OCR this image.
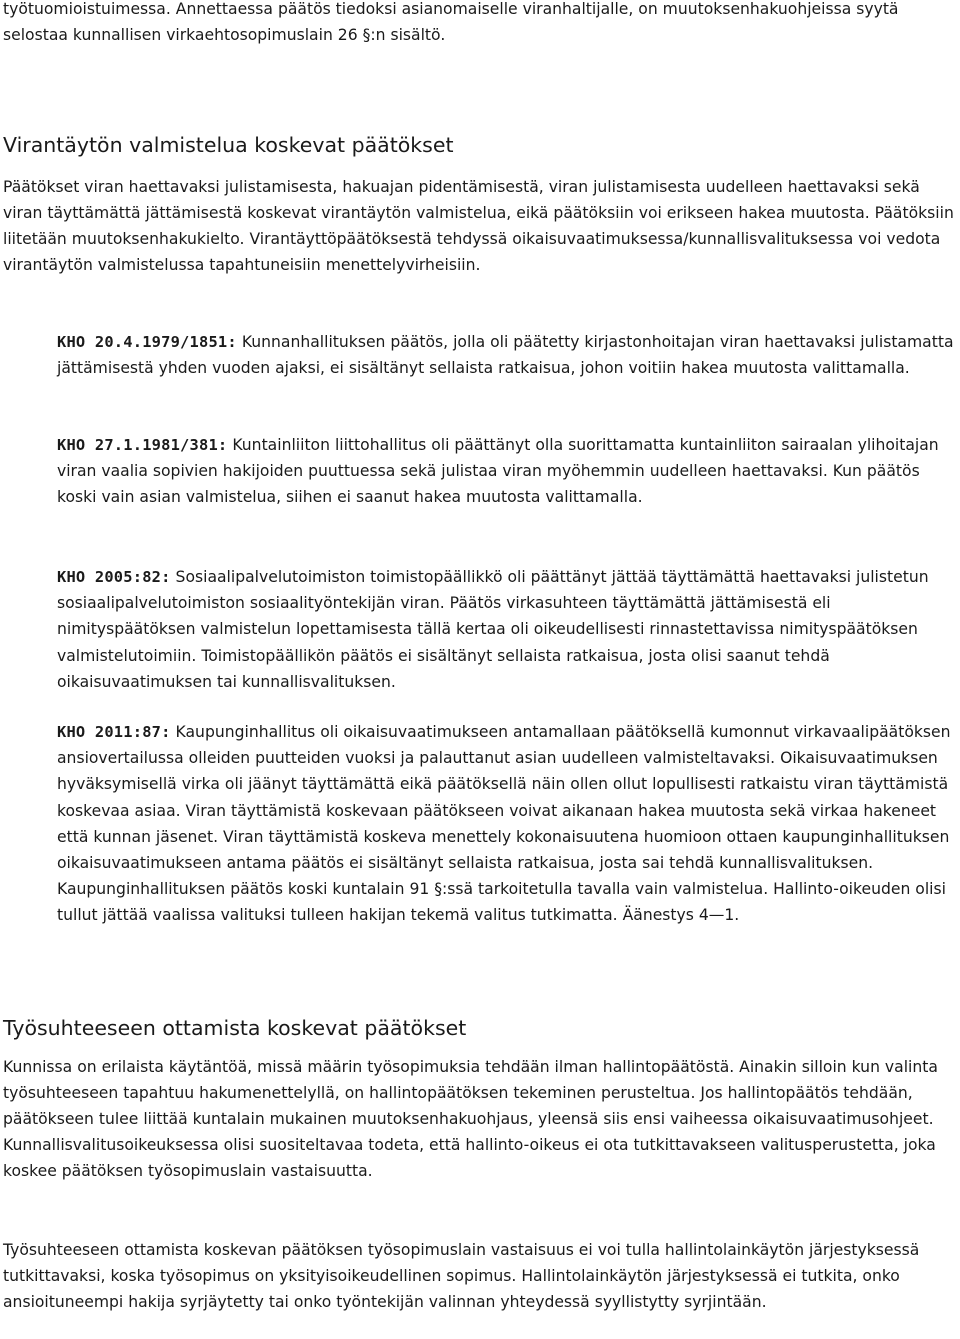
työtuomioistuimessa. Annettaessa päätös tiedoksi asianomaiselle viranhaltijalle, on muutoksenhakuohjeissa syytä selostaa kunnallisen virkaehtosopimuslain 26 §:n sisältö.

Virantäytön valmistelua koskevat päätökset

Päätökset viran haettavaksi julistamisesta, hakuajan pidentämisestä, viran julistamisesta uudelleen haettavaksi sekä viran täyttämättä jättämisestä koskevat virantäytön valmistelua, eikä päätöksiin voi erikseen hakea muutosta. Päätöksiin liitetään muutoksenhakukielto. Virantäyttöpäätöksestä tehdyssä oikaisuvaatimuksessa/kunnallisvalituksessa voi vedota virantäytön valmistelussa tapahtuneisiin menettelyvirheisiin.

KHO 20.4.1979/1851: Kunnanhallituksen päätös, jolla oli päätetty kirjastonhoitajan viran haettavaksi julistamatta jättämisestä yhden vuoden ajaksi, ei sisältänyt sellaista ratkaisua, johon voitiin hakea muutosta valittamalla.

KHO 27.1.1981/381: Kuntainliiton liittohallitus oli päättänyt olla suorittamatta kuntainliiton sairaalan ylihoitajan viran vaalia sopivien hakijoiden puuttuessa sekä julistaa viran myöhemmin uudelleen haettavaksi. Kun päätös koski vain asian valmistelua, siihen ei saanut hakea muutosta valittamalla.

KHO 2005:82: Sosiaalipalvelutoimiston toimistopäällikkö oli päättänyt jättää täyttämättä haettavaksi julistetun sosiaalipalvelutoimiston sosiaalityöntekijän viran. Päätös virkasuhteen täyttämättä jättämisestä eli nimityspäätöksen valmistelun lopettamisesta tällä kertaa oli oikeudellisesti rinnastettavissa nimityspäätöksen valmistelutoimiin. Toimistopäällikön päätös ei sisältänyt sellaista ratkaisua, josta olisi saanut tehdä oikaisuvaatimuksen tai kunnallisvalituksen.

KHO 2011:87: Kaupunginhallitus oli oikaisuvaatimukseen antamallaan päätöksellä kumonnut virkavaalipäätöksen ansiovertailussa olleiden puutteiden vuoksi ja palauttanut asian uudelleen valmisteltavaksi. Oikaisuvaatimuksen hyväksymisellä virka oli jäänyt täyttämättä eikä päätöksellä näin ollen ollut lopullisesti ratkaistu viran täyttämistä koskevaa asiaa. Viran täyttämistä koskevaan päätökseen voivat aikanaan hakea muutosta sekä virkaa hakeneet että kunnan jäsenet. Viran täyttämistä koskeva menettely kokonaisuutena huomioon ottaen kaupunginhallituksen oikaisuvaatimukseen antama päätös ei sisältänyt sellaista ratkaisua, josta sai tehdä kunnallisvalituksen. Kaupunginhallituksen päätös koski kuntalain 91 §:ssä tarkoitetulla tavalla vain valmistelua. Hallinto-oikeuden olisi tullut jättää vaalissa valituksi tulleen hakijan tekemä valitus tutkimatta. Äänestys 4—1.

Työsuhteeseen ottamista koskevat päätökset

Kunnissa on erilaista käytäntöä, missä määrin työsopimuksia tehdään ilman hallintopäätöstä. Ainakin silloin kun valinta työsuhteeseen tapahtuu hakumenettelyllä, on hallintopäätöksen tekeminen perusteltua. Jos hallintopäätös tehdään, päätökseen tulee liittää kuntalain mukainen muutoksenhakuohjaus, yleensä siis ensi vaiheessa oikaisuvaatimusohjeet. Kunnallisvalitusoikeuksessa olisi suositeltavaa todeta, että hallinto-oikeus ei ota tutkittavakseen valitusperustetta, joka koskee päätöksen työsopimuslain vastaisuutta.

Työsuhteeseen ottamista koskevan päätöksen työsopimuslain vastaisuus ei voi tulla hallintolainkäytön järjestyksessä tutkittavaksi, koska työsopimus on yksityisoikeudellinen sopimus. Hallintolainkäytön järjestyksessä ei tutkita, onko ansioituneempi hakija syrjäytetty tai onko työntekijän valinnan yhteydessä syyllistytty syrjintään.
